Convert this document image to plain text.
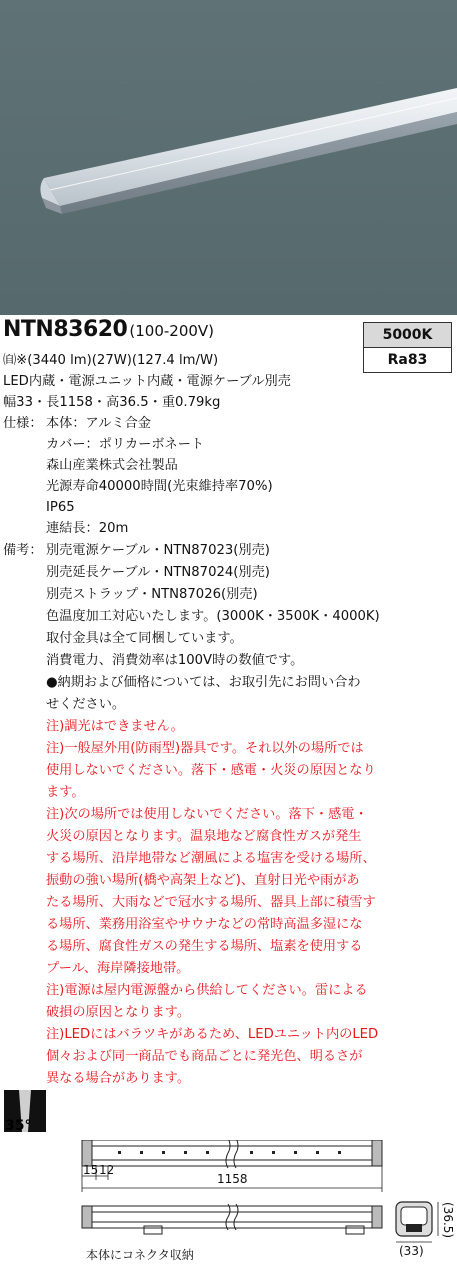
NTN83620 (100-200V)	5000K
Ra83
㉂※(3440 lm)(27W)(127.4 lm/W)
LED内蔵・電源ユニット内蔵・電源ケーブル別売
幅33・長1158・高36.5・重0.79kg
仕様： 本体：アルミ合金
カバー：ポリカーボネート
森山産業株式会社製品
光源寿命40000時間(光束維持率70%)
IP65
連結長：20m
備考： 別売電源ケーブル・NTN87023(別売)
別売延長ケーブル・NTN87024(別売)
別売ストラップ・NTN87026(別売)
色温度加工対応いたします。(3000K・3500K・4000K)
取付金具は全て同梱しています。
消費電力、消費効率は100V時の数値です。
●納期および価格については、お取引先にお問い合わ
せください。
注)調光はできません。
注)一般屋外用(防雨型)器具です。それ以外の場所では
使用しないでください。落下・感電・火災の原因となり
ます。
注)次の場所では使用しないでください。落下・感電・
火災の原因となります。温泉地など腐食性ガスが発生
する場所、沿岸地帯など潮風による塩害を受ける場所、
振動の強い場所(橋や高架上など)、直射日光や雨があ
たる場所、大雨などで冠水する場所、器具上部に積雪す
る場所、業務用浴室やサウナなどの常時高温多湿にな
る場所、腐食性ガスの発生する場所、塩素を使用する
プール、海岸隣接地帯。
注)電源は屋内電源盤から供給してください。雷による
破損の原因となります。
注)LEDにはバラツキがあるため、LEDユニット内のLED
個々および同一商品でも商品ごとに発光色、明るさが
異なる場合があります。
35°
15 12
1158
(36.5)
(33)
本体にコネクタ収納
